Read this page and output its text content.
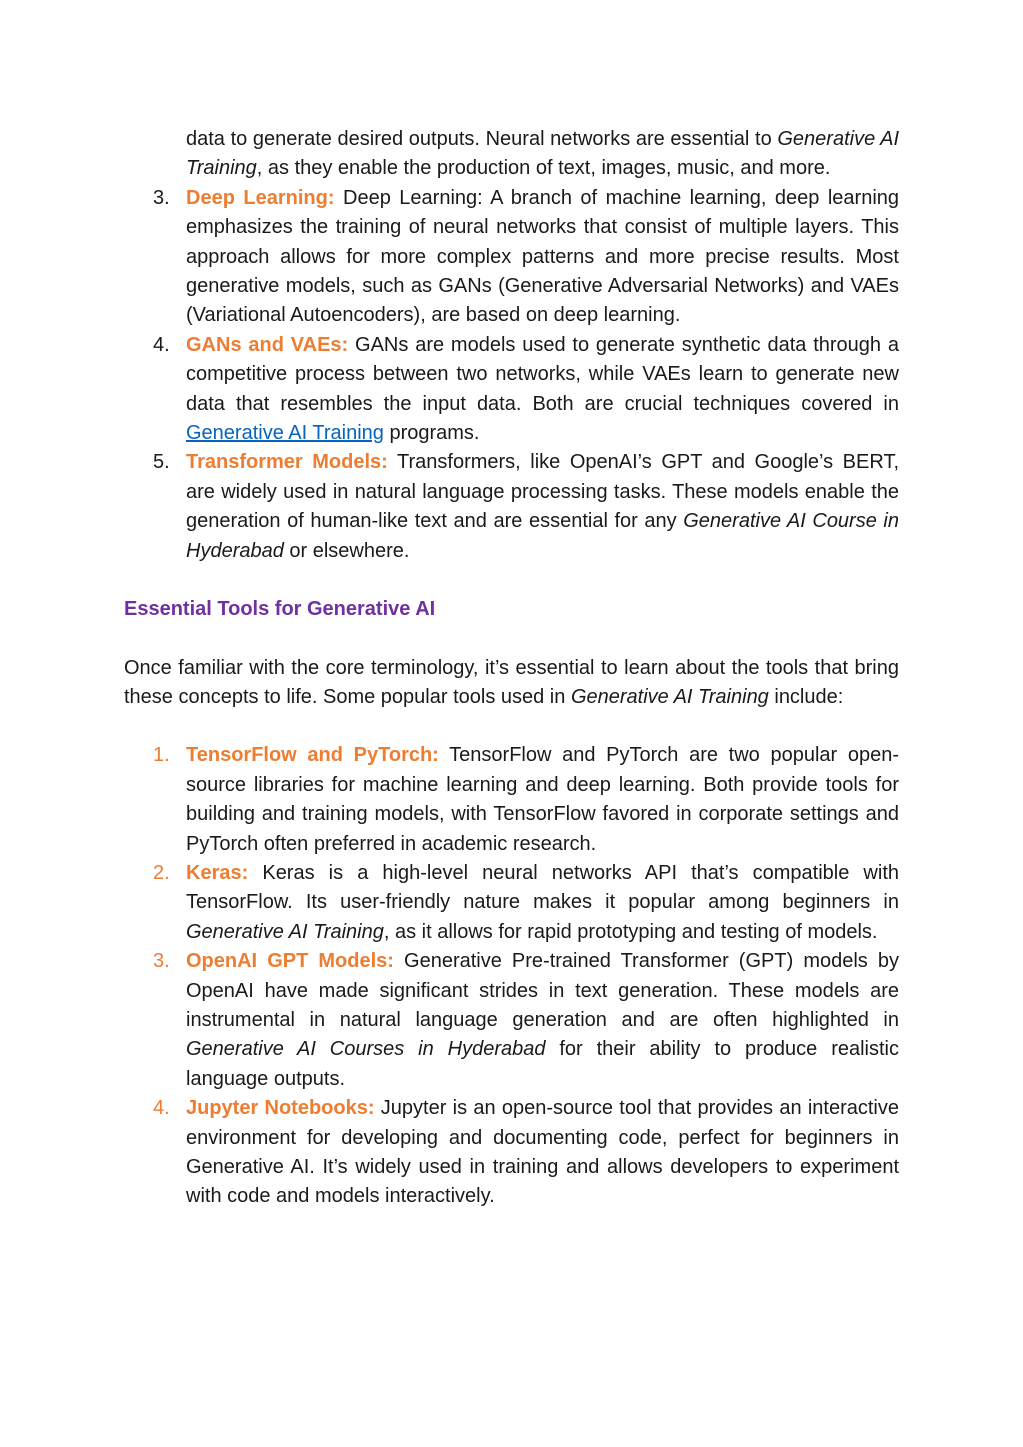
data to generate desired outputs. Neural networks are essential to Generative AI Training, as they enable the production of text, images, music, and more.
3. Deep Learning: Deep Learning: A branch of machine learning, deep learning emphasizes the training of neural networks that consist of multiple layers. This approach allows for more complex patterns and more precise results. Most generative models, such as GANs (Generative Adversarial Networks) and VAEs (Variational Autoencoders), are based on deep learning.
4. GANs and VAEs: GANs are models used to generate synthetic data through a competitive process between two networks, while VAEs learn to generate new data that resembles the input data. Both are crucial techniques covered in Generative AI Training programs.
5. Transformer Models: Transformers, like OpenAI’s GPT and Google’s BERT, are widely used in natural language processing tasks. These models enable the generation of human-like text and are essential for any Generative AI Course in Hyderabad or elsewhere.
Essential Tools for Generative AI

Once familiar with the core terminology, it’s essential to learn about the tools that bring these concepts to life. Some popular tools used in Generative AI Training include:

1. TensorFlow and PyTorch: TensorFlow and PyTorch are two popular open-source libraries for machine learning and deep learning. Both provide tools for building and training models, with TensorFlow favored in corporate settings and PyTorch often preferred in academic research.
2. Keras: Keras is a high-level neural networks API that’s compatible with TensorFlow. Its user-friendly nature makes it popular among beginners in Generative AI Training, as it allows for rapid prototyping and testing of models.
3. OpenAI GPT Models: Generative Pre-trained Transformer (GPT) models by OpenAI have made significant strides in text generation. These models are instrumental in natural language generation and are often highlighted in Generative AI Courses in Hyderabad for their ability to produce realistic language outputs.
4. Jupyter Notebooks: Jupyter is an open-source tool that provides an interactive environment for developing and documenting code, perfect for beginners in Generative AI. It’s widely used in training and allows developers to experiment with code and models interactively.
